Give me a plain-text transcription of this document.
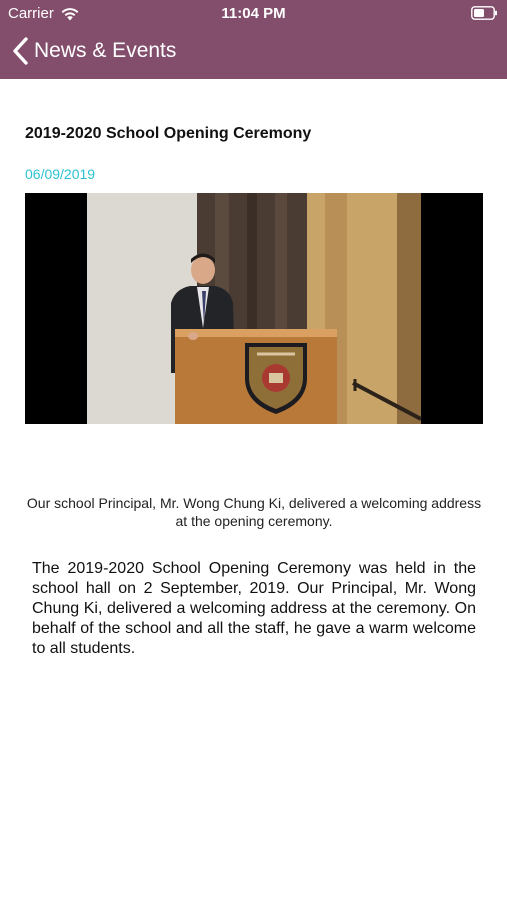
Carrier	11:04 PM
News & Events
2019-2020 School Opening Ceremony
06/09/2019
Our school Principal, Mr. Wong Chung Ki, delivered a welcoming address at the opening ceremony.
The 2019-2020 School Opening Ceremony was held in the school hall on 2 September, 2019. Our Principal, Mr. Wong Chung Ki, delivered a welcoming address at the ceremony. On behalf of the school and all the staff, he gave a warm welcome to all students.
